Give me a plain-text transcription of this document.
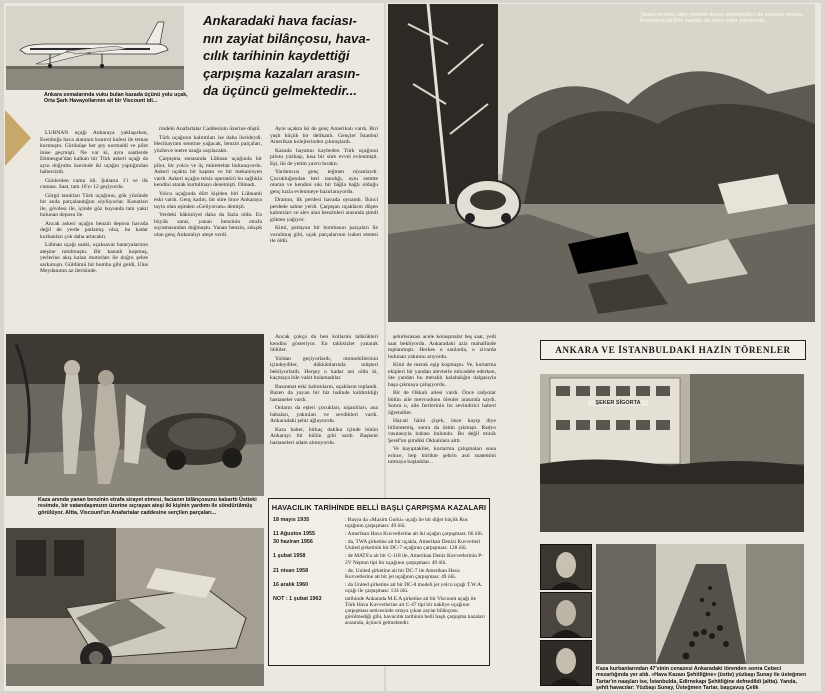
Ankara semalarında vuku bulan kazada üçünü yolu uçak, Orta Şark Havayollarının ait bir Viscount idi...
Ankaradaki hava faciası-
nın zayiat bilânçosu, hava-
cılık tarihinin kaydettiği
çarpışma kazaları arasın-
da üçüncü gelmektedir...

LÜBNAN uçağı Ankaraya yaklaşırken, Esenboğa hava alanının kontrol kulesi ile temas kurmuştu. Görünüşe her şey normaldi ve pilot inise geçmişti. Ne var ki, aynı saatlerde Etimesgut'dan kalkan bir Türk askeri uçağı da aynı doğrultu üzerinde iki uçağın yaptığından habersizdi.

Günlerden cuma idi. Şubatın 1'i ve ilk cuması. Saat, tam 16'yı 12 geçiyordu.

Görgü tanıkları Türk uçağının, gök yüzünde bir anda parçalandığını söylüyorlar. Kanatları ile, gövdesi ile, içinde göz boyunda tam yakıt bulunan deposu ile.

Ancak askeri uçağın benzin deposu havada değil de yerde patlamış olsa, bu kadar kurbanları çok daha artacaktı.

Lübnan uçağı sanki, uçaksavar bataryalarının ateşine tutulmuştu. Bir kanadı kopmuş, yerlerine akış kalan motorları ile doğru şehre sarkımıştı. Güldümü bir bomba gibi geldi, Ulus Meydanının az ilerisinde.

rindeki Anafartalar Caddesinin üzerine düştü.

Türk uçağının kalıntıları ise daha ilerideydi. Hecibayram semtine yağacak, benzin parçaları, yüzlerce metre uzağa saçılacaktı.

Çarpışma esnasında Lübnan uçağında bir pilot, bir yolcu ve üç mürettebat bulunuyordu. Askeri uçakta bir kaptan ve bir mekanisyen vardı. Askeri uçağın telsiz operatörü bu sağlıkla kendini atarak kurtulmayı denemişti. Olmadı.

Yolcu uçağında dört kişiden biri Lübnanlı eski vardı. Genç kadın, bir süre önce Ankaraya tayin olan eşinden «Geliyorum» demişti.

Yerdeki hâkimiyet daha da fazla oldu. En büyük zarar, yanan benzinin etrafa sıçramasından doğmuştu. Yanan benzin, sıkışık olan genç Ankaralıyı ateşe verdi.

Aynı uçakta iki de genç Amerikalı vardı. Biri yaşlı küçük bir delikanlı. Gençler İstanbul Amerikan kolejlerinden çıkmışlardı.

Kazada hayatını kaybeden Türk uçağının pilotu yüzbaşı, kısa bir süre evvel evlenmişti. Eşi, iki de yetim yavru bıraktı.

Yardımcısı genç teğmen niyanlaydı. Çocukluğundan beri tanıdığı, aynı semtte oturan ve kendini sıkı bir bâğla bağlı olduğu genç kızla evlenmeye hazırlanıyordu.

Dramın, ilk perdesi havada oynandı. İkinci perdede sahne yerdi. Çarpışan uçakların düşen kalıntıları ve alev alan benzinleri arasında şimdi gökten yağıyor.

Kimi, patlayan bir bombanın parçaları ile vurulmuş gibi, uçak parçalarının isabet etmesi ile öldü.

Kaza anında yanan benzinin etrafa sirayet etmesi, facianın bilânçosunu kabarttı Üstteki resimde, bir vatandaşımızın üzerine sıçrayan ateşi iki kişinin yardımı ile söndürülmüş görülüyor. Altta, Viscount'un Anafartalar caddesine serçilen parçaları...

Ancak çokça da ben kollarını tahkükleri kendini gösteriyor. En tahlısizler yanarak öldüler.

Yoldan geçiyorlardı, otomobillerinin içindeydiler, dükkânlarında müşteri bekliyorlardı. Herşey o kadar ani oldu ki, kaçmaya bile vakit bulamadılar.

Basınmat eski kalıntıların, uçakların toplandı. Bazen da yayan bir biz halinde kaldırıldığı hastaneler vardı.

Onların da eşleri çocukları, nişanlıları, ana babaları, yakınları ve sevdikleri vardı. Ankaradaki şehir ağlayıordu.

Kara haber, birkaç dakika içinde bütün Ankarayı bir külün gibi sardı. Başkent hastaneleri adam alımıyordu.

Yanan benzin, olay yerinde duran otomobilleri de tutuştur-muştu. İnsanlarla birlikte taşıtlar da cayır cayır yanıyordu.

şehirlerasası acele konuşmalar beş saat, yedi saat bekliyordu. Ankaradaki aziz mahallinde toplanmıştı. Herkes o sanlarda, o zivarda bulunan yakınını arıyordu.

Kimi de merak eşip koşmuştu. Ve, kurtarma ekipleri bir yandan alevlerle mücadele ederken, öte yandan bu meraklı kalabalığın dalgasıyla başa çıkmaya çalışıyordu.

Bir de Okkalı ailesi vardı. Önce radyolar bütün aile mevcudunu ölenler arasında saydı. Sonra o, aile fertlerinin bu sevindirici haberi öğrendiler.

Hayati hâini çiçek, önce kayıp diye bilinmemiş, sonra da üstün çıkmıştı. Radyo vasıtasıyla babası bulundu. Bu değil minik Şeref'un şimdiki Okkalılara aitti.

Ve kayıptakiler, kurtarma çalışmaları sona erince, hep birlikte şehrin asıl matemini tutmaya başladılar...

HAVACILIK TARİHİNDE BELLİ BAŞLI ÇARPIŞMA KAZALARI
18 mayıs 1935	: Rusya da «Maxim Gorki» uçağı ile bir diğer küçük Rus uçağının çarpışması: 49 ölü.
11 Ağustos 1955	: Amerikan Hava Kuvvetlerine ait iki uçağın çarpışması: 66 ölü.
30 haziran 1956	: da, TWA şirketine ait bir uçakla, Amerikan Denizi Kuvvetleri United şirketinin bir DC-7 uçağının çarpışması: 128 ölü.
1 şubat 1958	: de MATS'a ait bir C-118 ile, Amerikan Deniz Kuvvetlerinin P-2V Neptun tipi bir uçağının çarpışması: 49 ölü.
21 nisan 1958	: de, United şirketine ait bir DC-7 ile Amerikan Hava Kuvvetlerine ait bir jet uçağının çarpışması: 49 ölü.
16 aralık 1960	: da United şirketine ait bir DC-8 modeli jet yolcu uçağı T.W.A. uçağı ile çarpışması: 134 ölü.
NOT : 1 şubat 1963	tarihinde Ankarada M.E.A şirketine ait bir Viscount uçağı ile Türk Hava Kuvvetlerine ait C-47 tipi bir nakliye uçağının çarpışması neticesinde ortaya çıkan zayiat bilânçosu görülmediği gibi, havacılık tarihinin belli başlı çarpışma kazaları arasında, üçüncü gelmektedir.
ANKARA VE İSTANBULDAKİ HAZİN TÖRENLER
ŞEKER SİGORTA
Kaza kurbanlarından 47'sinin cenazesi Ankaradaki törenden sonra Cebeci mezarlığında yer aldı. «Hava Kazası Şehitliğine» (üstte) yüzbaşı Sunay ile üsteğmen Tartar'ın naaşları ise, İstanbulda, Edirnekapı Şehitliğine defnedildi (altta). Yanda, şehit havacılar: Yüzbaşı Sunay, Üsteğmen Tartar, başçavuş Çelik
